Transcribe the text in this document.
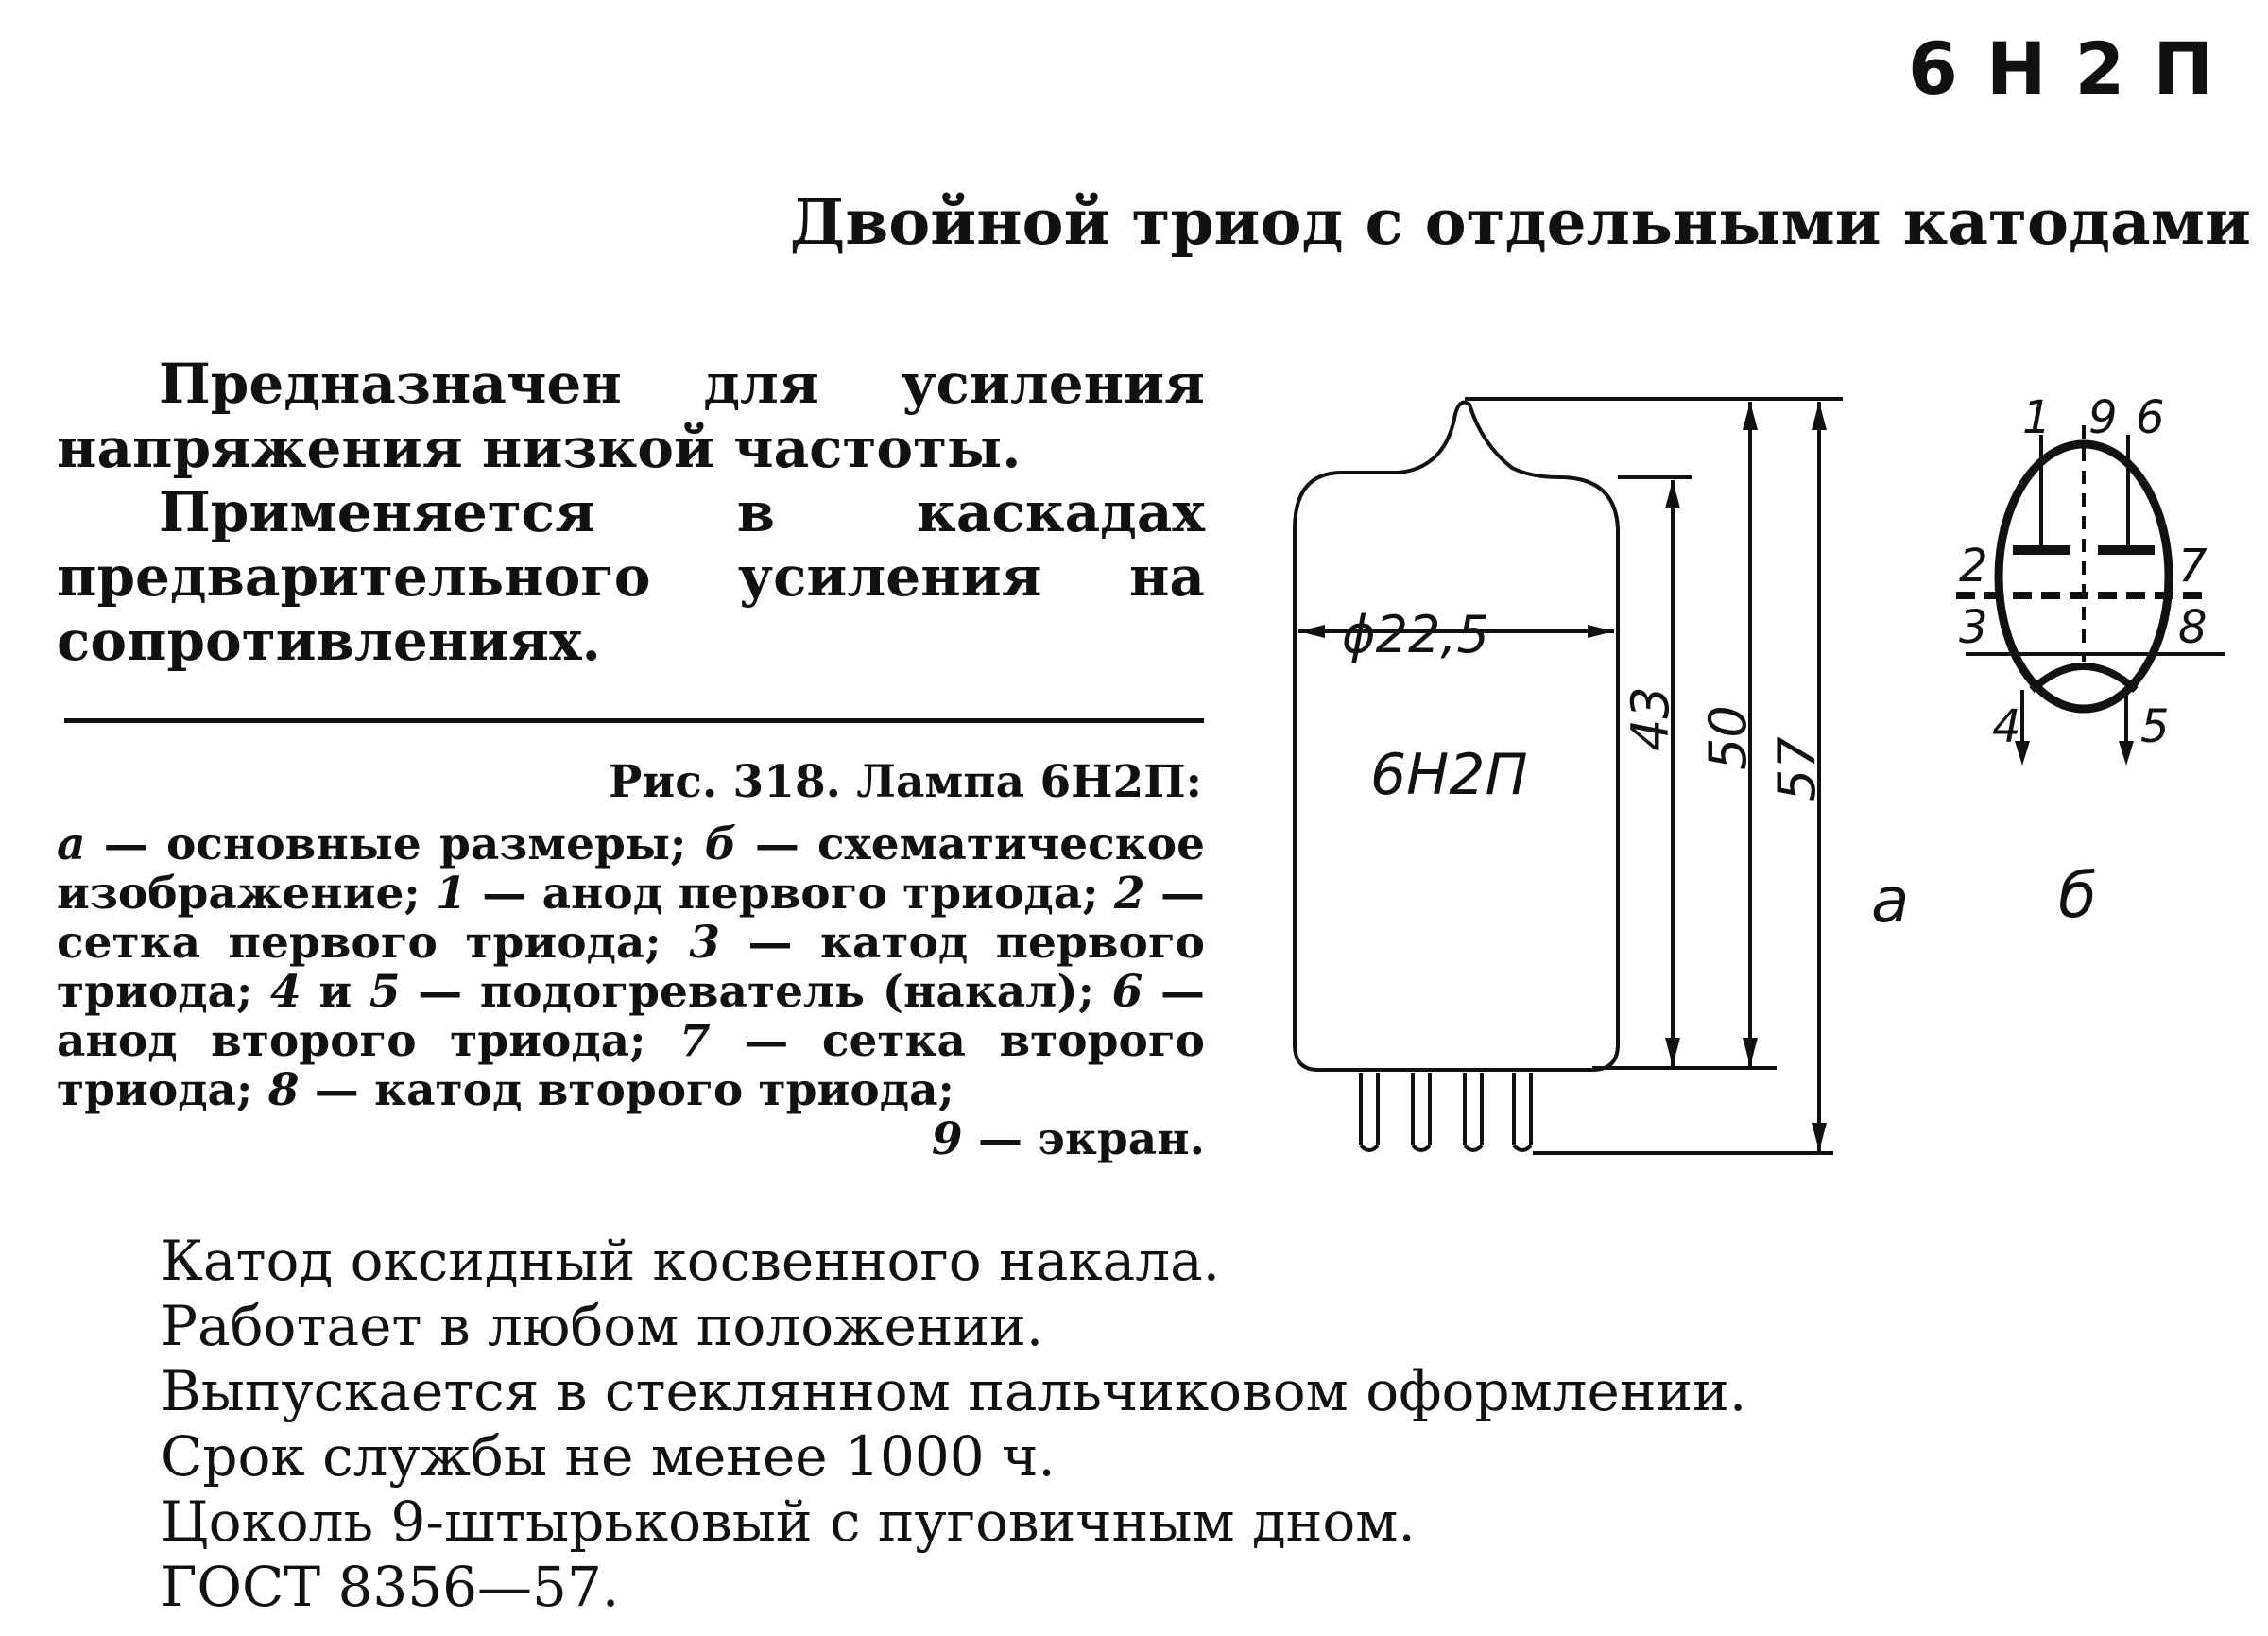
6Н2П
Двойной триод с отдельными катодами

Предназначен для усиления напряжения низкой частоты.

Применяется в каскадах предварительного усиления на сопротивлениях.

Рис. 318. Лампа 6Н2П:
а — основные размеры; б — схематическое изображение; 1 — анод первого триода; 2 — сетка первого триода; 3 — катод первого триода; 4 и 5 — подогреватель (накал); 6 — анод второго триода; 7 — сетка второго триода; 8 — катод второго триода;
9 — экран.
ϕ22,5
6Н2П
43 50 57
а б
1 9 6
2	7
3	8
4	5
Катод оксидный косвенного накала.
Работает в любом положении.
Выпускается в стеклянном пальчиковом оформлении.
Срок службы не менее 1000 ч.
Цоколь 9-штырьковый с пуговичным дном.
ГОСТ 8356—57.
